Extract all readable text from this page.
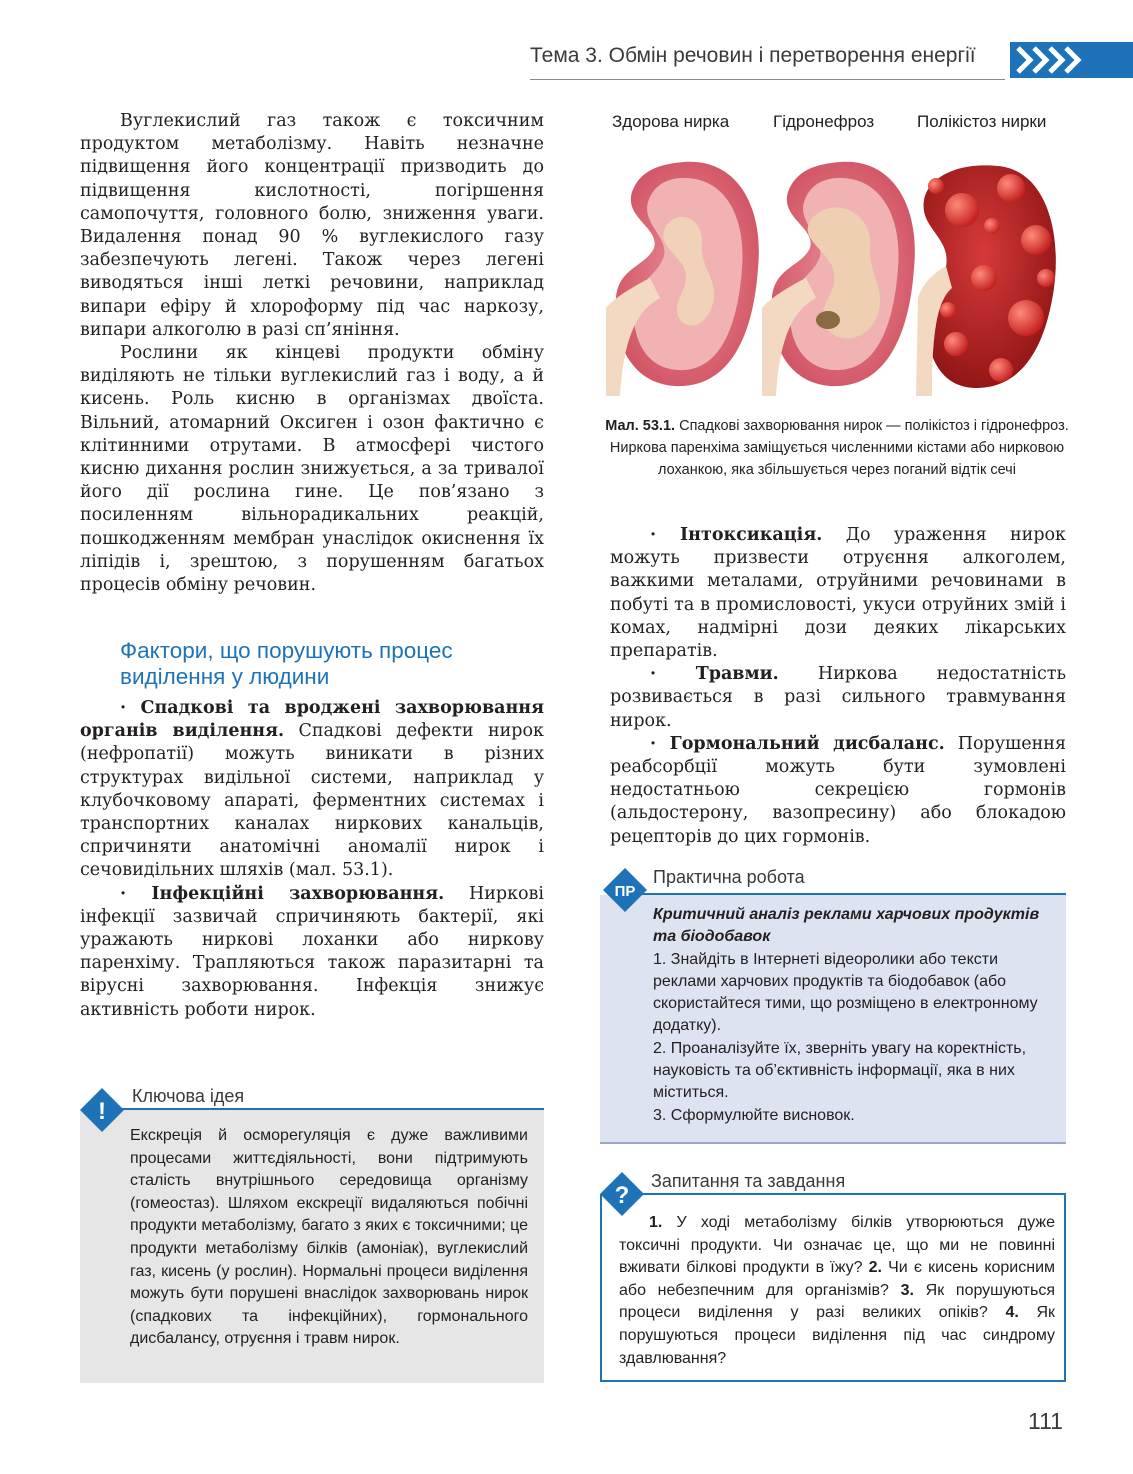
Тема 3. Обмін речовин і перетворення енергії

Вуглекислий газ також є токсичним продуктом метаболізму. Навіть незначне підвищення його концентрації призводить до підвищення кислотності, погіршення самопочуття, головного болю, зниження уваги. Видалення понад 90 % вуглекислого газу забезпечують легені. Також через легені виводяться інші леткі речовини, наприклад випари ефіру й хлороформу під час наркозу, випари алкоголю в разі сп’яніння.

Рослини як кінцеві продукти обміну виділяють не тільки вуглекислий газ і воду, а й кисень. Роль кисню в організмах двоїста. Вільний, атомарний Оксиген і озон фактично є клітинними отрутами. В атмосфері чистого кисню дихання рослин знижується, а за тривалої його дії рослина гине. Це пов’язано з посиленням вільнорадикальних реакцій, пошкодженням мембран унаслідок окиснення їх ліпідів і, зрештою, з порушенням багатьох процесів обміну речовин.

Фактори, що порушують процес виділення у людини

· Спадкові та вроджені захворювання органів виділення. Спадкові дефекти нирок (нефропатії) можуть виникати в різних структурах видільної системи, наприклад у клубочковому апараті, ферментних системах і транспортних каналах ниркових канальців, спричиняти анатомічні аномалії нирок і сечовидільних шляхів (мал. 53.1).

· Інфекційні захворювання. Ниркові інфекції зазвичай спричиняють бактерії, які уражають ниркові лоханки або ниркову паренхіму. Трапляються також паразитарні та вірусні захворювання. Інфекція знижує активність роботи нирок.

Здорова нирка	Гідронефроз	Полікістоз нирки
Мал. 53.1. Спадкові захворювання нирок — полікістоз і гідронефроз. Ниркова паренхіма заміщується численними кістами або нирковою лоханкою, яка збільшується через поганий відтік сечі

· Інтоксикація. До ураження нирок можуть призвести отруєння алкоголем, важкими металами, отруйними речовинами в побуті та в промисловості, укуси отруйних змій і комах, надмірні дози деяких лікарських препаратів.

· Травми. Ниркова недостатність розвивається в разі сильного травмування нирок.

· Гормональний дисбаланс. Порушення реабсорбції можуть бути зумовлені недостатньою секрецією гормонів (альдостерону, вазопресину) або блокадою рецепторів до цих гормонів.

ПР
Практична робота
Критичний аналіз реклами харчових продуктів та біодобавок
1. Знайдіть в Інтернеті відеоролики або тексти реклами харчових продуктів та біодобавок (або скористайтеся тими, що розміщено в електронному додатку).
2. Проаналізуйте їх, зверніть увагу на коректність, науковість та об’єктивність інформації, яка в них міститься.
3. Сформулюйте висновок.
!
Ключова ідея
Екскреція й осморегуляція є дуже важливими процесами життєдіяльності, вони підтримують сталість внутрішнього середовища організму (гомеостаз). Шляхом екскреції видаляються побічні продукти метаболізму, багато з яких є токсичними; це продукти метаболізму білків (амоніак), вуглекислий газ, кисень (у рослин). Нормальні процеси виділення можуть бути порушені внаслідок захворювань нирок (спадкових та інфекційних), гормонального дисбалансу, отруєння і травм нирок.
?
Запитання та завдання
1. У ході метаболізму білків утворюються дуже токсичні продукти. Чи означає це, що ми не повинні вживати білкові продукти в їжу? 2. Чи є кисень корисним або небезпечним для організмів? 3. Як порушуються процеси виділення у разі великих опіків? 4. Як порушуються процеси виділення під час синдрому здавлювання?
111
